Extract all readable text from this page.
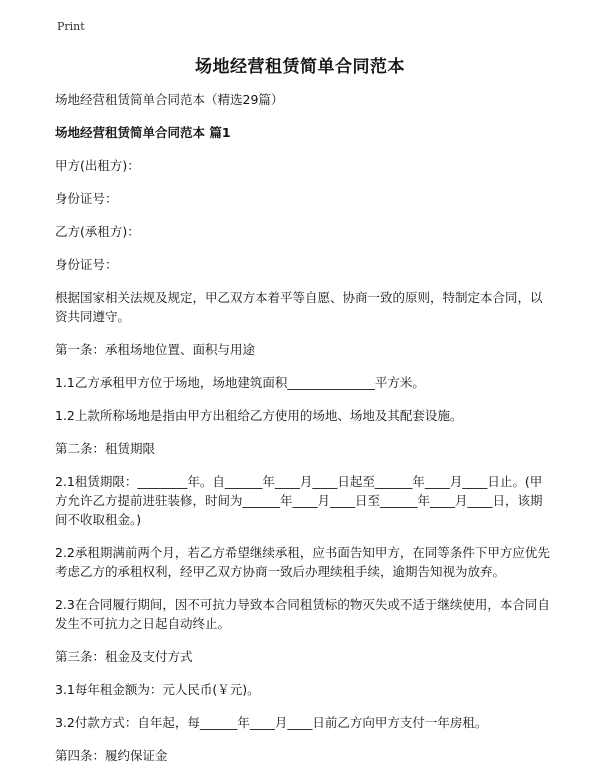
Print
场地经营租赁简单合同范本

场地经营租赁简单合同范本（精选29篇）

场地经营租赁简单合同范本 篇1

甲方(出租方)：

身份证号：

乙方(承租方)：

身份证号：

根据国家相关法规及规定，甲乙双方本着平等自愿、协商一致的原则，特制定本合同，以资共同遵守。

第一条：承租场地位置、面积与用途

1.1乙方承租甲方位于场地，场地建筑面积______________平方米。

1.2上款所称场地是指由甲方出租给乙方使用的场地、场地及其配套设施。

第二条：租赁期限

2.1租赁期限：________年。自______年____月____日起至______年____月____日止。(甲方允许乙方提前进驻装修，时间为______年____月____日至______年____月____日，该期间不收取租金。)

2.2承租期满前两个月，若乙方希望继续承租，应书面告知甲方，在同等条件下甲方应优先考虑乙方的承租权利，经甲乙双方协商一致后办理续租手续，逾期告知视为放弃。

2.3在合同履行期间，因不可抗力导致本合同租赁标的物灭失或不适于继续使用，本合同自发生不可抗力之日起自动终止。

第三条：租金及支付方式

3.1每年租金额为：元人民币(￥元)。

3.2付款方式：自年起，每______年____月____日前乙方向甲方支付一年房租。

第四条：履约保证金
